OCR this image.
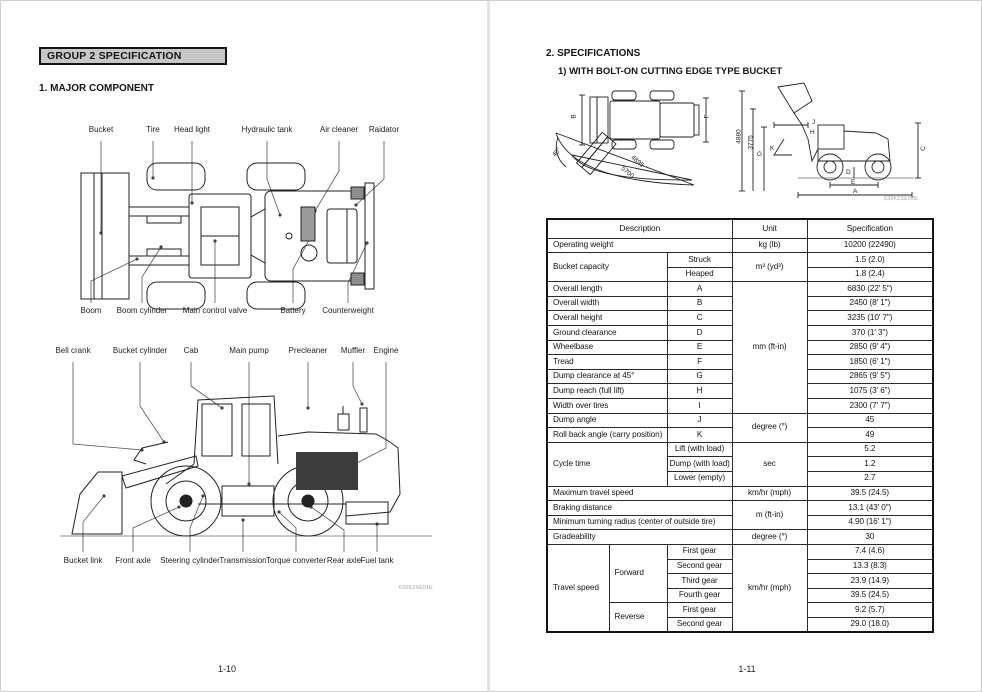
GROUP 2 SPECIFICATION
1. MAJOR COMPONENT
Bucket	Tire Head light	Hydraulic tank	Air cleaner Raidator
Boom Boom cylinder Main control valve	Battery Counterweight
Bell crank	Bucket cylinder Cab	Main pump Precleaner Muffler Engine
Bucket link Front axle Steering cylinder Transmission Torque converter Rear axle Fuel tank
630K2SE01E
1-10
2. SPECIFICATIONS
1) WITH BOLT-ON CUTTING EDGE TYPE BUCKET
B	F
40°
4895
5700
4880 3775
G
K
J
H
D
E
A
C
630K2SE03E
Description			Unit	Specification
Operating weight			kg (lb)	10200 (22490)
Bucket capacity		Struck	m³ (yd³)	1.5 (2.0)
		Heaped		1.8 (2.4)
Overall length		A	mm (ft-in)	6830 (22' 5")
Overall width		B		2450 (8' 1")
Overall height		C		3235 (10' 7")
Ground clearance		D		370 (1' 3")
Wheelbase		E		2850 (9' 4")
Tread		F		1850 (6' 1")
Dump clearance at 45°		G		2865 (9' 5")
Dump reach (full lift)		H		1075 (3' 6")
Width over tires		I		2300 (7' 7")
Dump angle		J	degree (°)	45
Roll back angle (carry position)		K		49
Cycle time		Lift (with load)	sec	5.2
		Dump (with load)		1.2
		Lower (empty)		2.7
Maximum travel speed			km/hr (mph)	39.5 (24.5)
Braking distance			m (ft-in)	13.1 (43' 0")
Minimum turning radius (center of outside tire)				4.90 (16' 1")
Gradeability			degree (°)	30
Travel speed	Forward	First gear	km/hr (mph)	7.4 (4.6)
		Second gear		13.3 (8.3)
		Third gear		23.9 (14.9)
		Fourth gear		39.5 (24.5)
	Reverse	First gear		9.2 (5.7)
		Second gear		29.0 (18.0)
1-11
